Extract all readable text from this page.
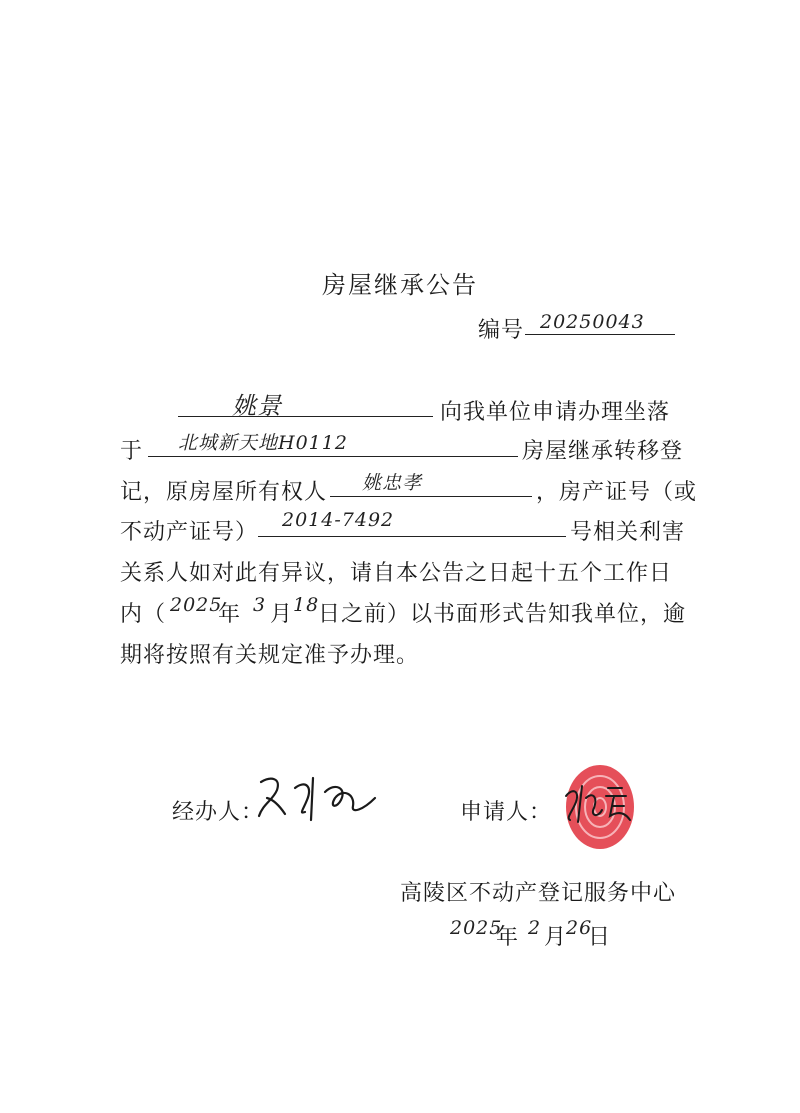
房屋继承公告
编号 20250043
姚景	向我单位申请办理坐落
于 北城新天地H0112	房屋继承转移登
记，原房屋所有权人 姚忠孝	，房产证号（或
不动产证号） 2014-7492	号相关利害
关系人如对此有异议，请自本公告之日起十五个工作日
内（ 2025
年 3 月 18
日之前）以书面形式告知我单位，逾
期将按照有关规定准予办理。
经办人：	申请人：
高陵区不动产登记服务中心
2025
年 2 月
26
日
